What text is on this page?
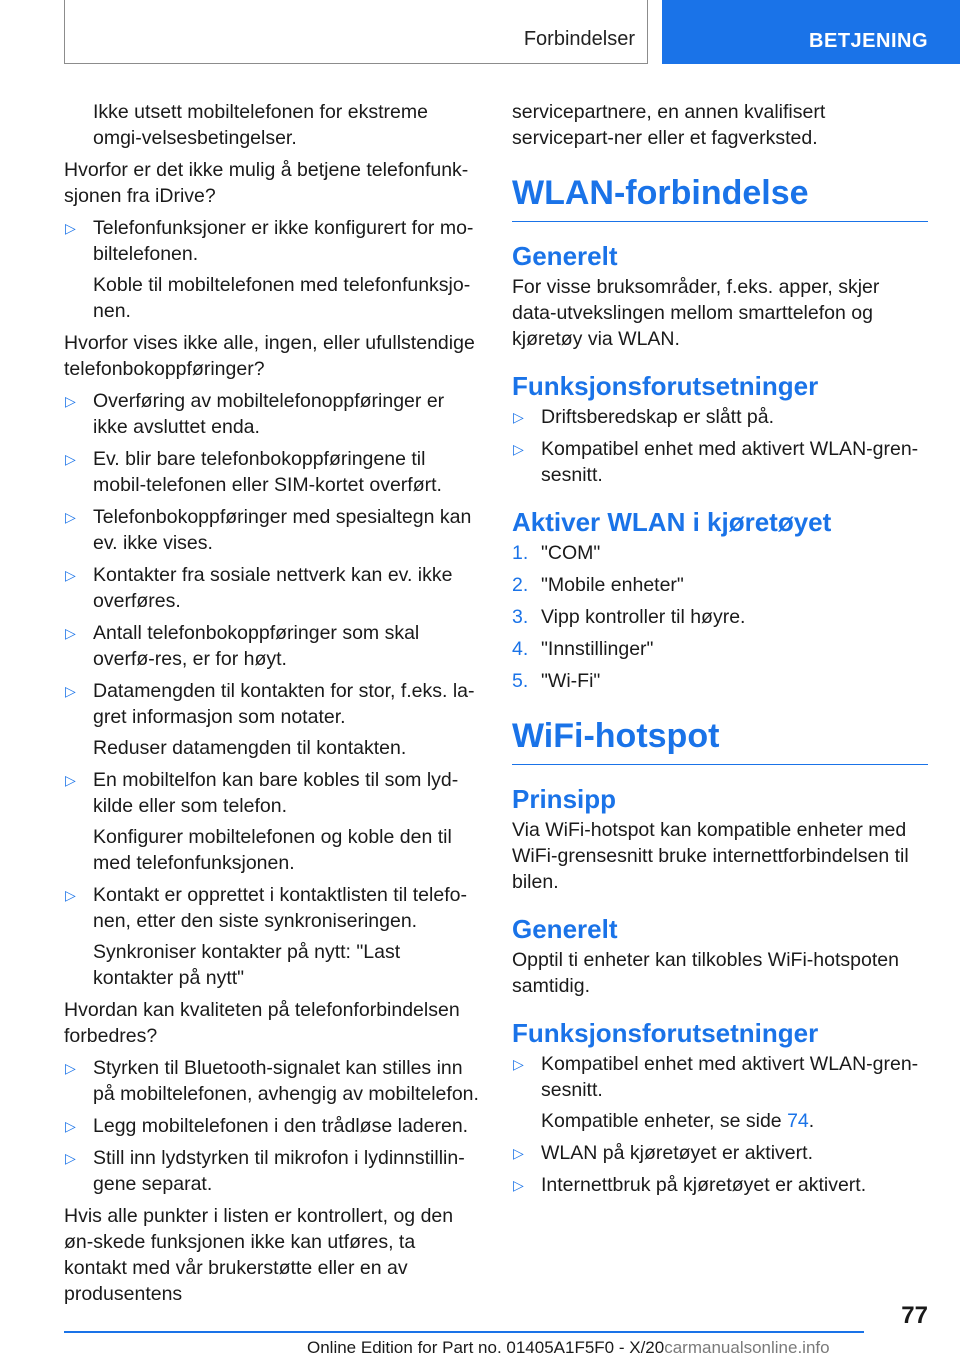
Forbindelser	BETJENING

Ikke utsett mobiltelefonen for ekstreme omgi-velsesbetingelser.

Hvorfor er det ikke mulig å betjene telefonfunk-sjonen fra iDrive?

▷ Telefonfunksjoner er ikke konfigurert for mo-biltelefonen.
Koble til mobiltelefonen med telefonfunksjo-nen.

Hvorfor vises ikke alle, ingen, eller ufullstendige telefonbokoppføringer?

▷ Overføring av mobiltelefonoppføringer er ikke avsluttet enda.
▷ Ev. blir bare telefonbokoppføringene til mobil-telefonen eller SIM-kortet overført.
▷ Telefonbokoppføringer med spesialtegn kan ev. ikke vises.
▷ Kontakter fra sosiale nettverk kan ev. ikke overføres.
▷ Antall telefonbokoppføringer som skal overfø-res, er for høyt.
▷ Datamengden til kontakten for stor, f.eks. la-gret informasjon som notater.
Reduser datamengden til kontakten.
▷ En mobiltelfon kan bare kobles til som lyd-kilde eller som telefon.
Konfigurer mobiltelefonen og koble den til med telefonfunksjonen.
▷ Kontakt er opprettet i kontaktlisten til telefo-nen, etter den siste synkroniseringen.
Synkroniser kontakter på nytt: "Last kontakter på nytt"

Hvordan kan kvaliteten på telefonforbindelsen forbedres?

▷ Styrken til Bluetooth-signalet kan stilles inn på mobiltelefonen, avhengig av mobiltelefon.
▷ Legg mobiltelefonen i den trådløse laderen.
▷ Still inn lydstyrken til mikrofon i lydinnstillin-gene separat.

Hvis alle punkter i listen er kontrollert, og den øn-skede funksjonen ikke kan utføres, ta kontakt med vår brukerstøtte eller en av produsentens

servicepartnere, en annen kvalifisert servicepart-ner eller et fagverksted.

WLAN-forbindelse
Generelt

For visse bruksområder, f.eks. apper, skjer data-utvekslingen mellom smarttelefon og kjøretøy via WLAN.

Funksjonsforutsetninger
▷ Driftsberedskap er slått på.
▷ Kompatibel enhet med aktivert WLAN-gren-sesnitt.
Aktiver WLAN i kjøretøyet
1. "COM"
2. "Mobile enheter"
3. Vipp kontroller til høyre.
4. "Innstillinger"
5. "Wi-Fi"
WiFi-hotspot
Prinsipp

Via WiFi-hotspot kan kompatible enheter med WiFi-grensesnitt bruke internettforbindelsen til bilen.

Generelt

Opptil ti enheter kan tilkobles WiFi-hotspoten samtidig.

Funksjonsforutsetninger
▷ Kompatibel enhet med aktivert WLAN-gren-sesnitt.
Kompatible enheter, se side 74.
▷ WLAN på kjøretøyet er aktivert.
▷ Internettbruk på kjøretøyet er aktivert.
77
Online Edition for Part no. 01405A1F5F0 - X/20carmanualsonline.info
